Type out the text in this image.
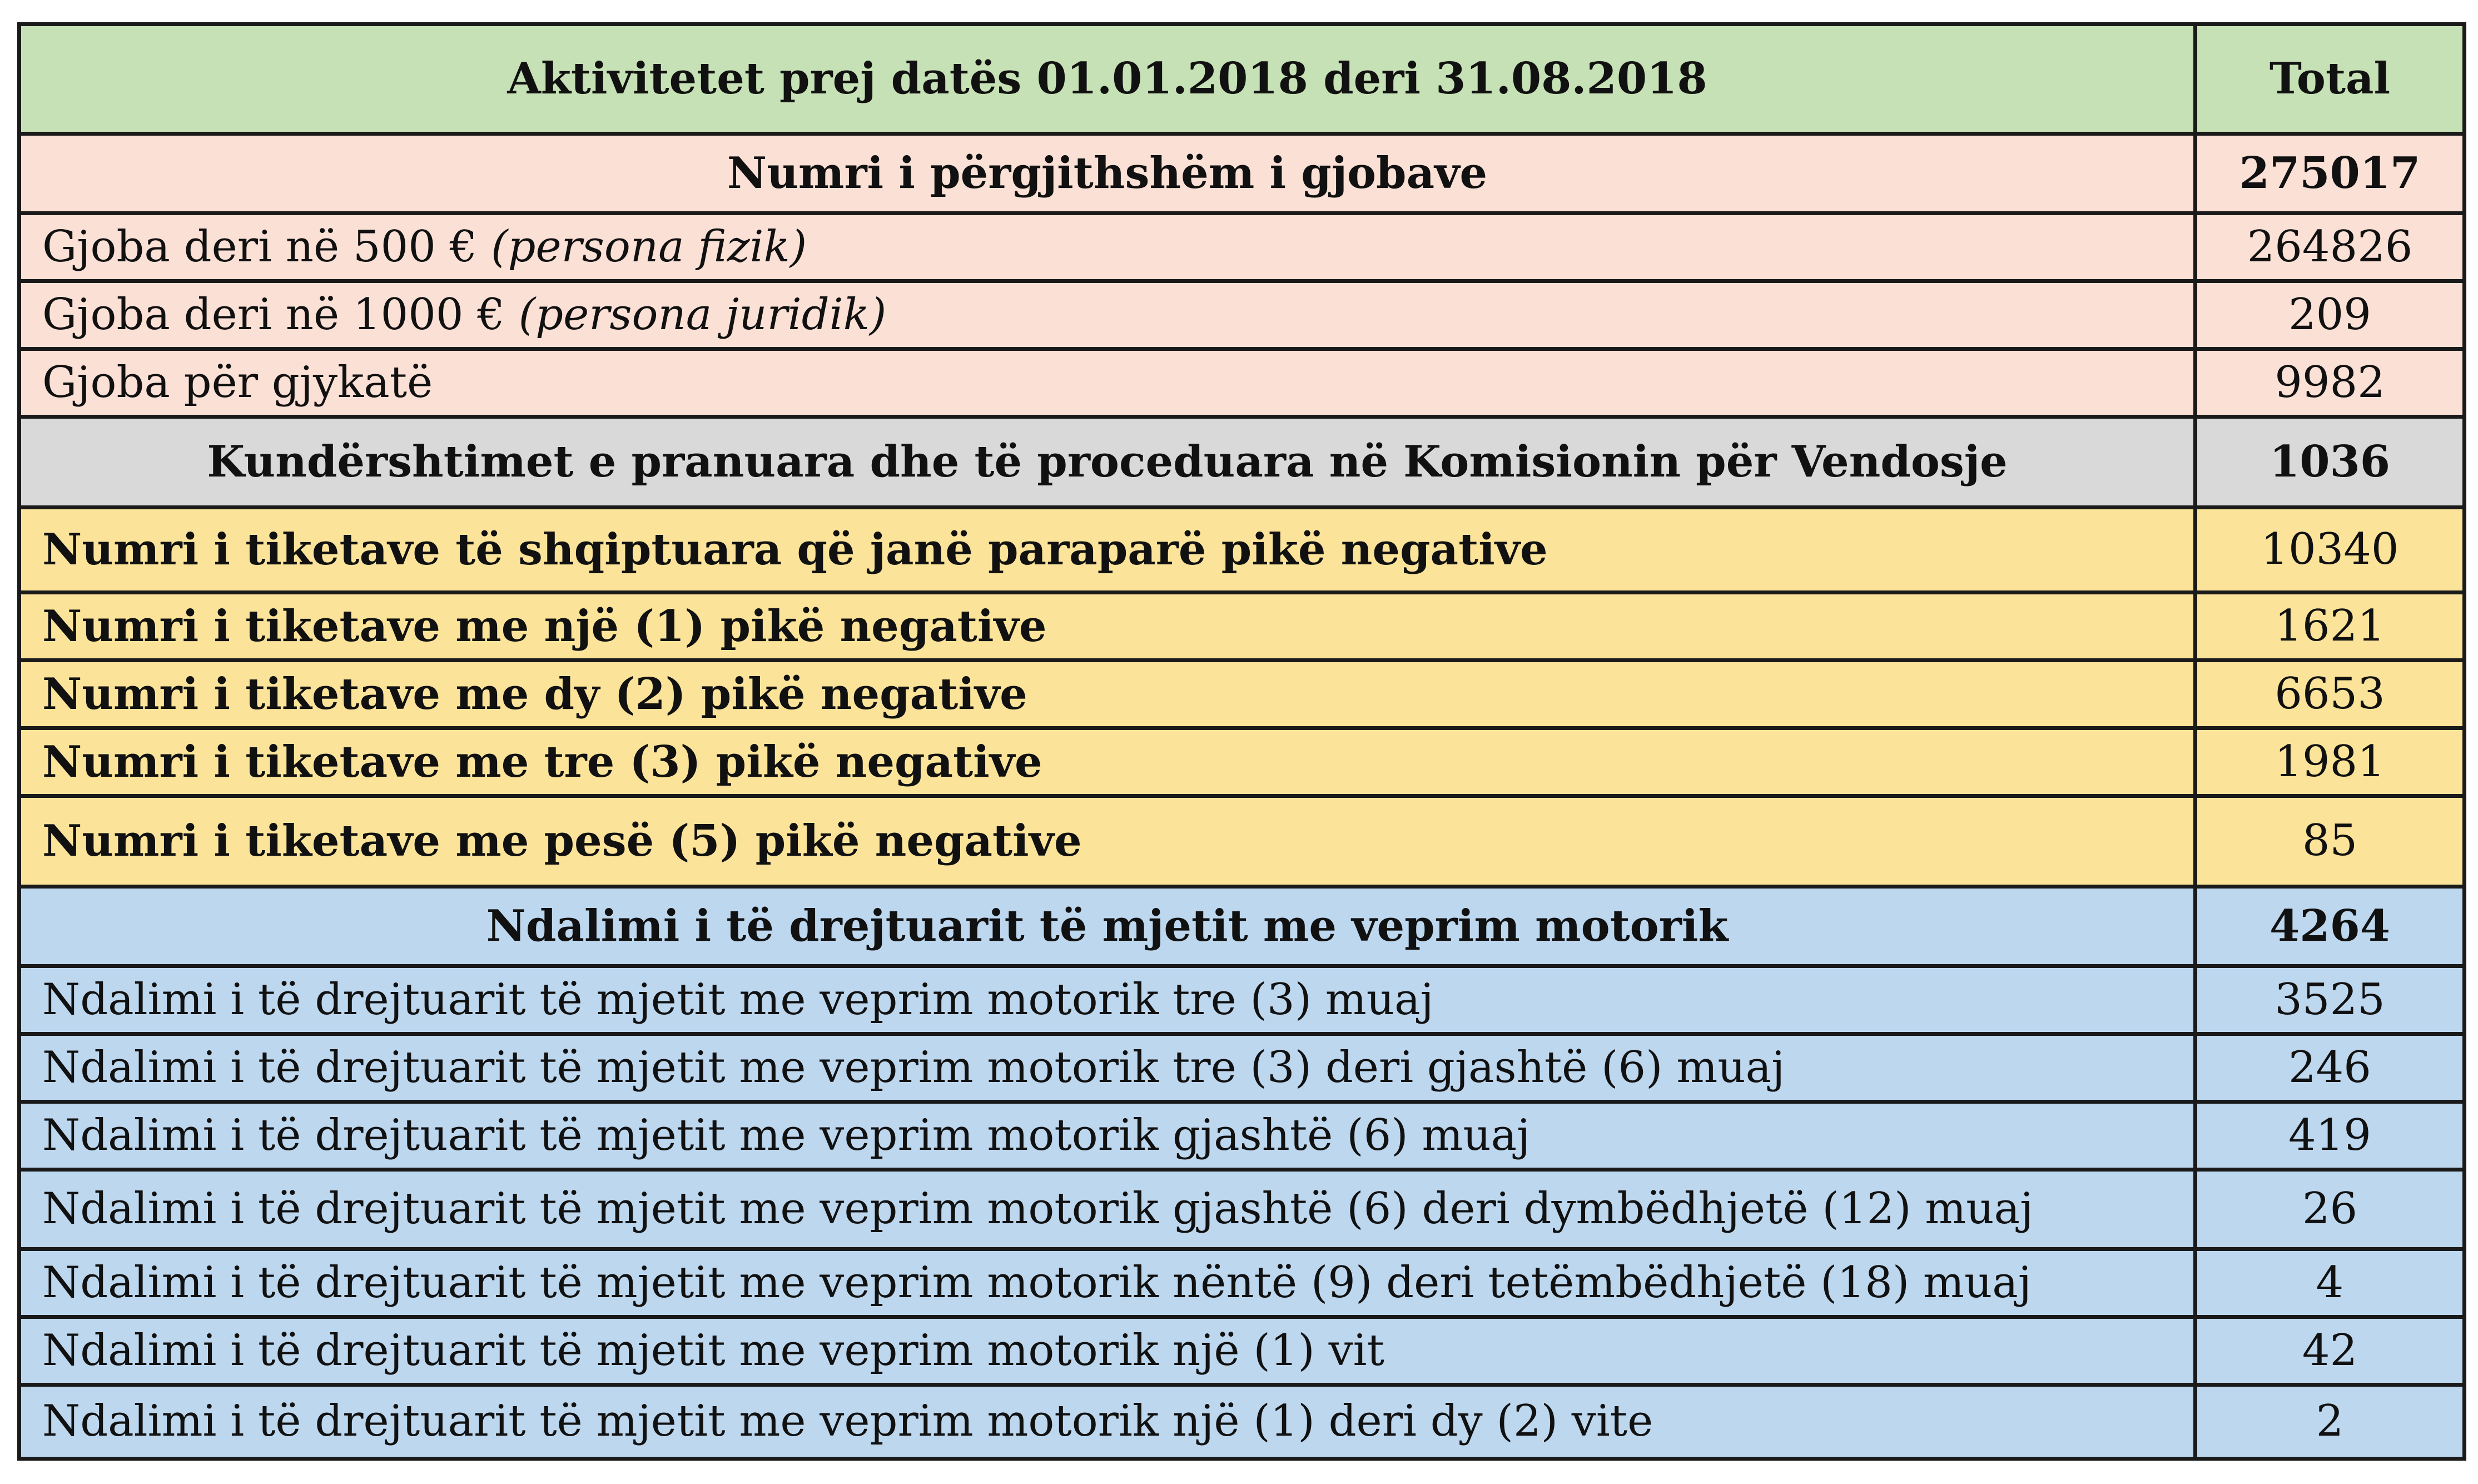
Aktivitetet prej datës 01.01.2018 deri 31.08.2018	Total
Numri i përgjithshëm i gjobave	275017
Gjoba deri në 500 € (persona fizik)	264826
Gjoba deri në 1000 € (persona juridik)	209
Gjoba për gjykatë	9982
Kundërshtimet e pranuara dhe të proceduara në Komisionin për Vendosje	1036
Numri i tiketave të shqiptuara që janë paraparë pikë negative	10340
Numri i tiketave me një (1) pikë negative	1621
Numri i tiketave me dy (2) pikë negative	6653
Numri i tiketave me tre (3) pikë negative	1981
Numri i tiketave me pesë (5) pikë negative	85
Ndalimi i të drejtuarit të mjetit me veprim motorik	4264
Ndalimi i të drejtuarit të mjetit me veprim motorik tre (3) muaj	3525
Ndalimi i të drejtuarit të mjetit me veprim motorik tre (3) deri gjashtë (6) muaj	246
Ndalimi i të drejtuarit të mjetit me veprim motorik gjashtë (6) muaj	419
Ndalimi i të drejtuarit të mjetit me veprim motorik gjashtë (6) deri dymbëdhjetë (12) muaj	26
Ndalimi i të drejtuarit të mjetit me veprim motorik nëntë (9) deri tetëmbëdhjetë (18) muaj	4
Ndalimi i të drejtuarit të mjetit me veprim motorik një (1) vit	42
Ndalimi i të drejtuarit të mjetit me veprim motorik një (1) deri dy (2) vite	2
